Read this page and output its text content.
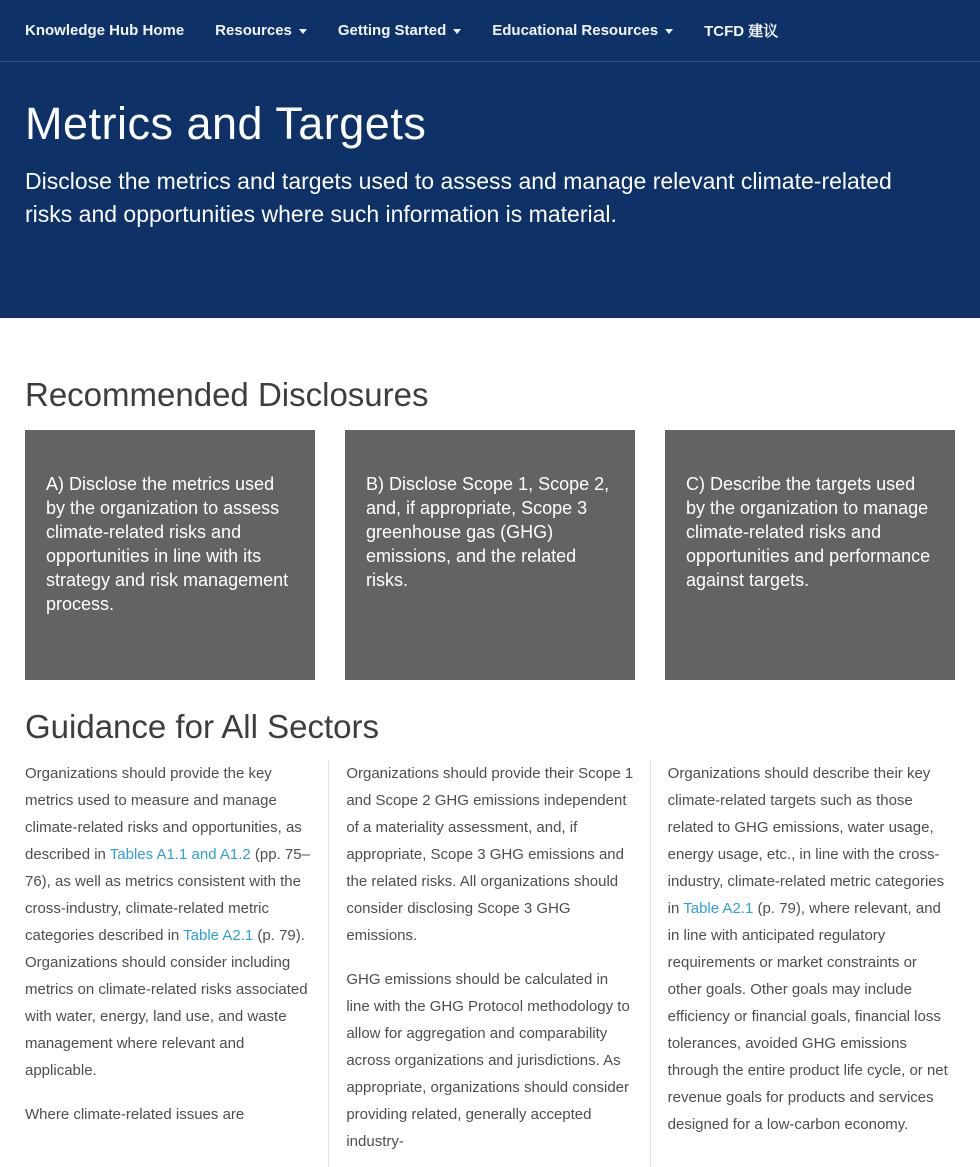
Knowledge Hub Home Resources	Getting Started	Educational Resources	TCFD 建议
Metrics and Targets

Disclose the metrics and targets used to assess and manage relevant climate-related risks and opportunities where such information is material.

Recommended Disclosures
A) Disclose the metrics used by the organization to assess climate-related risks and opportunities in line with its strategy and risk management process.
B) Disclose Scope 1, Scope 2, and, if appropriate, Scope 3 greenhouse gas (GHG) emissions, and the related risks.
C) Describe the targets used by the organization to manage climate-related risks and opportunities and performance against targets.
Guidance for All Sectors

Organizations should provide the key metrics used to measure and manage climate-related risks and opportunities, as described in Tables A1.1 and A1.2 (pp. 75–76), as well as metrics consistent with the cross-industry, climate-related metric categories described in Table A2.1 (p. 79). Organizations should consider including metrics on climate-related risks associated with water, energy, land use, and waste management where relevant and applicable.

Where climate-related issues are

Organizations should provide their Scope 1 and Scope 2 GHG emissions independent of a materiality assessment, and, if appropriate, Scope 3 GHG emissions and the related risks. All organizations should consider disclosing Scope 3 GHG emissions.

GHG emissions should be calculated in line with the GHG Protocol methodology to allow for aggregation and comparability across organizations and jurisdictions. As appropriate, organizations should consider providing related, generally accepted industry-

Organizations should describe their key climate-related targets such as those related to GHG emissions, water usage, energy usage, etc., in line with the cross-industry, climate-related metric categories in Table A2.1 (p. 79), where relevant, and in line with anticipated regulatory requirements or market constraints or other goals. Other goals may include efficiency or financial goals, financial loss tolerances, avoided GHG emissions through the entire product life cycle, or net revenue goals for products and services designed for a low-carbon economy.
